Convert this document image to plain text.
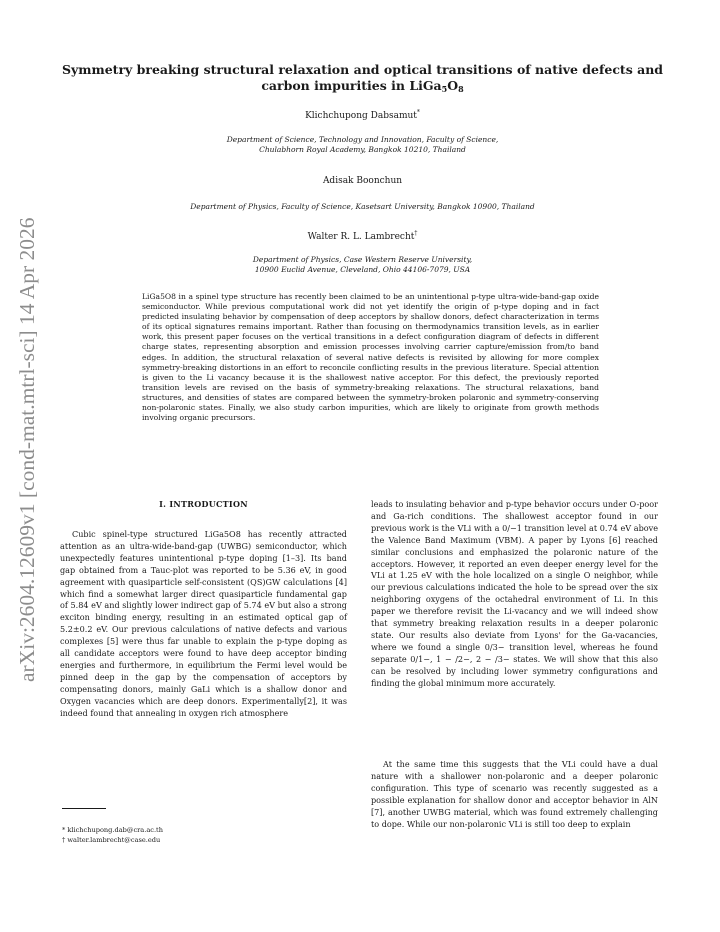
arXiv:2604.12609v1 [cond-mat.mtrl-sci] 14 Apr 2026
Symmetry breaking structural relaxation and optical transitions of native defects and
carbon impurities in $LiGa_5O_8$
Klichchupong Dabsamut*
Department of Science, Technology and Innovation, Faculty of Science,
Chulabhorn Royal Academy, Bangkok 10210, Thailand
Adisak Boonchun
Department of Physics, Faculty of Science, Kasetsart University, Bangkok 10900, Thailand
Walter R. L. Lambrecht†
Department of Physics, Case Western Reserve University,
10900 Euclid Avenue, Cleveland, Ohio 44106-7079, USA
LiGa5O8 in a spinel type structure has recently been claimed to be an unintentional p-type ultra-wide-band-gap oxide semiconductor. While previous computational work did not yet identify the origin of p-type doping and in fact predicted insulating behavior by compensation of deep acceptors by shallow donors, defect characterization in terms of its optical signatures remains important. Rather than focusing on thermodynamics transition levels, as in earlier work, this present paper focuses on the vertical transitions in a defect configuration diagram of defects in different charge states, representing absorption and emission processes involving carrier capture/emission from/to band edges. In addition, the structural relaxation of several native defects is revisited by allowing for more complex symmetry-breaking distortions in an effort to reconcile conflicting results in the previous literature. Special attention is given to the Li vacancy because it is the shallowest native acceptor. For this defect, the previously reported transition levels are revised on the basis of symmetry-breaking relaxations. The structural relaxations, band structures, and densities of states are compared between the symmetry-broken polaronic and symmetry-conserving non-polaronic states. Finally, we also study carbon impurities, which are likely to originate from growth methods involving organic precursors.
I. INTRODUCTION
Cubic spinel-type structured LiGa5O8 has recently attracted attention as an ultra-wide-band-gap (UWBG) semiconductor, which unexpectedly features unintentional p-type doping [1–3]. Its band gap obtained from a Tauc-plot was reported to be 5.36 eV, in good agreement with quasiparticle self-consistent (QS)GW calculations [4] which find a somewhat larger direct quasiparticle fundamental gap of 5.84 eV and slightly lower indirect gap of 5.74 eV but also a strong exciton binding energy, resulting in an estimated optical gap of 5.2±0.2 eV. Our previous calculations of native defects and various complexes [5] were thus far unable to explain the p-type doping as all candidate acceptors were found to have deep acceptor binding energies and furthermore, in equilibrium the Fermi level would be pinned deep in the gap by the compensation of acceptors by compensating donors, mainly GaLi which is a shallow donor and Oxygen vacancies which are deep donors. Experimentally[2], it was indeed found that annealing in oxygen rich atmosphere
leads to insulating behavior and p-type behavior occurs under O-poor and Ga-rich conditions. The shallowest acceptor found in our previous work is the VLi with a 0/−1 transition level at 0.74 eV above the Valence Band Maximum (VBM). A paper by Lyons [6] reached similar conclusions and emphasized the polaronic nature of the acceptors. However, it reported an even deeper energy level for the VLi at 1.25 eV with the hole localized on a single O neighbor, while our previous calculations indicated the hole to be spread over the six neighboring oxygens of the octahedral environment of Li. In this paper we therefore revisit the Li-vacancy and we will indeed show that symmetry breaking relaxation results in a deeper polaronic state. Our results also deviate from Lyons' for the Ga-vacancies, where we found a single 0/3− transition level, whereas he found separate 0/1−, 1 − /2−, 2 − /3− states. We will show that this also can be resolved by including lower symmetry configurations and finding the global minimum more accurately.
At the same time this suggests that the VLi could have a dual nature with a shallower non-polaronic and a deeper polaronic configuration. This type of scenario was recently suggested as a possible explanation for shallow donor and acceptor behavior in AlN [7], another UWBG material, which was found extremely challenging to dope. While our non-polaronic VLi is still too deep to explain
* klichchupong.dab@cra.ac.th
† walter.lambrecht@case.edu
